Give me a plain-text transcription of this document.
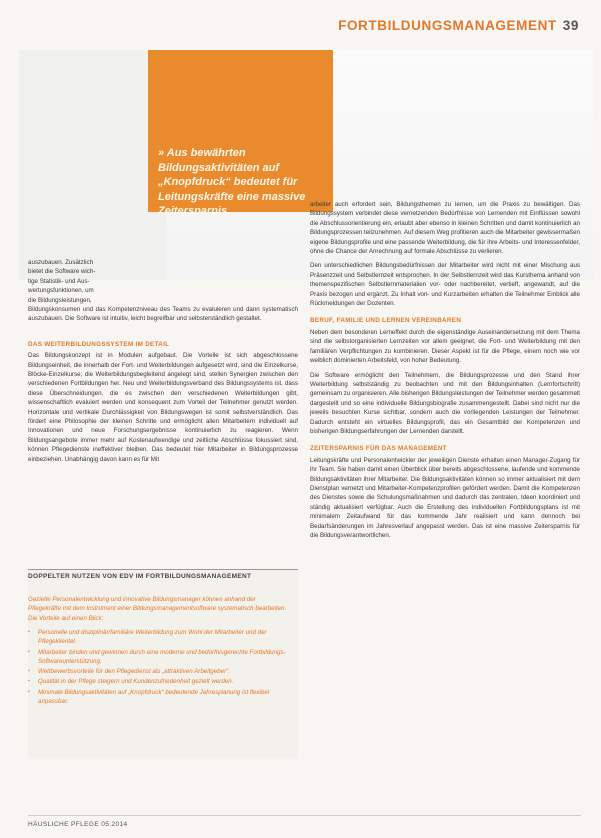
FORTBILDUNGSMANAGEMENT 39
» Aus bewährten Bildungsaktivitäten auf „Knopfdruck“ bedeutet für Leitungskräfte eine massive Zeitersparnis.

auszubauen. Zusätzlich

bietet die Software wich-

tige Statistik- und Aus-

wertungsfunktionen, um

die Bildungsleistungen,

Bildungskonsumen und das Kompetenzniveau des Teams zu evaluieren und dann systematisch auszubauen. Die Software ist intuitiv, leicht begreifbar und selbsterständlich gestaltet.

DAS WEITERBILDUNGSSYSTEM IM DETAIL

Das Bildungskonzept ist in Modulen aufgebaut. Die Vorteile ist sich abgeschlossene Bildungseinheit, die innerhalb der Fort- und Weiterbildungen aufgesetzt wird, sind die Einzelkurse, Blöcke-Einzelkurse; die Weiterbildungsbegleitend angelegt sind, stellen Synergien zwischen den verschiedenen Fortbildungen her. Neu und Weiterbildungsverband des Bildungssystems ist, dass diese Überschneidungen, die es zwischen den verschiedenen Weiterbildungen gibt, wissenschaftlich evaluiert werden und konsequent zum Vorteil der Teilnehmer genutzt werden. Horizontale und vertikale Durchlässigkeit von Bildungswegen ist somit selbstverständlich. Das fördert eine Philosophie der kleinen Schritte und ermöglicht allen Mitarbeitern individuell auf Innovationen und neue Forschungsergebnisse kontinuierlich zu reagieren. Wenn Bildungsangebote immer mehr auf Kostenaufwendige und zeitliche Abschlüsse fokussiert sind, können Pflegedienste ineffektiver bleiben. Das bedeutet hier Mitarbeiter in Bildungsprozesse einbeziehen. Unabhängig davon kann es für Mit

arbeiter auch erfordert sein, Bildungsthemen zu lernen, um die Praxis zu bewältigen. Das Bildungssystem verbindet diese vernetzenden Bedürfnisse von Lernenden mit Einflüssen sowohl die Abschlussorientierung ein, erlaubt aber ebenso in kleinen Schritten und damit kontinuierlich an Bildungsprozessen teilzunehmen. Auf diesem Weg profitieren auch die Mitarbeiter gewissermaßen eigene Bildungsprofile und eine passende Weiterbildung, die für ihre Arbeits- und Interessenfelder, ohne die Chance der Anrechnung auf formale Abschlüsse zu verlieren.

Den unterschiedlichen Bildungsbedürfnissen der Mitarbeiter wird nicht mit einer Mischung aus Präsenzzeit und Selbstlernzeit entsprochen. In der Selbstlernzeit wird das Kursthema anhand von themenspezifischen Selbstlernmaterialien vor- oder nachbereitet, vertieft, angewandt, auf die Praxis bezogen und ergänzt. Zu Inhalt von- und Kurzarbeiten erhalten die Teilnehmer Einblick alle Rückmeldungen der Dozenten.

BERUF, FAMILIE UND LERNEN VEREINBAREN

Neben dem besonderen Lerneffekt durch die eigenständige Auseinandersetzung mit dem Thema sind die selbstorganisierten Lernzeiten vor allem geeignet, die Fort- und Weiterbildung mit den familiären Verpflichtungen zu kombinieren. Dieser Aspekt ist für die Pflege, einem noch wie vor weiblich dominierten Arbeitsfeld, von hoher Bedeutung.

Die Software ermöglicht den Teilnehmern, die Bildungsprozesse und den Stand ihrer Weiterbildung selbstständig zu beobachten und mit den Bildungsinhalten (Lernfortschritt) gemeinsam zu organisieren. Alle bisherigen Bildungsleistungen der Teilnehmer werden gesammelt dargestellt und so eine individuelle Bildungsbiografie zusammengestellt. Dabei sind nicht nur die jeweils besuchten Kurse sichtbar, sondern auch die vorliegenden Leistungen der Teilnehmer. Dadurch entsteht ein virtuelles Bildungsprofil, das ein Gesamtbild der Kompetenzen und bisherigen Bildungserfahrungen der Lernenden darstellt.

ZEITERSPARNIS FÜR DAS MANAGEMENT

Leitungskräfte und Personalentwickler der jeweiligen Dienste erhalten einen Manager-Zugang für ihr Team. Sie haben damit einen Überblick über bereits abgeschlossene, laufende und kommende Bildungsaktivitäten ihrer Mitarbeiter. Die Bildungsaktivitäten können so immer aktualisiert mit dem Dienstplan vernetzt und Mitarbeiter-Kompetenzprofilen gefördert werden. Damit die Kompetenzen des Dienstes sowie die Schulungsmaßnahmen und dadurch das zentralen, Ideen koordiniert und ständig aktualisiert verfügbar. Auch die Erstellung des individuellen Fortbildungsplans ist mit minimalem Zeitaufwand für das kommende Jahr realisiert und kann dennoch bei Bedarfsänderungen im Jahresverlauf angepasst werden. Das ist eine massive Zeitersparnis für die Bildungsverantwortlichen.

DOPPELTER NUTZEN VON EDV IM FORTBILDUNGSMANAGEMENT
Gezielte Personalentwicklung und innovative Bildungsmanager können anhand der Pflegekräfte mit dem Instrument einer Bildungsmanagementsoftware systematisch bearbeiten. Die Vorteile auf einen Blick:
▪ Personelle und disziplinär/familiäre Weiterbildung zum Wohl der Mitarbeiter und der Pflegeklientel.
▪ Mitarbeiter binden und gewinnen durch eine moderne und bedürfnisgerechte Fortbildungs-Softwareunterstützung.
▪ Wettbewerbsvorteile für den Pflegedienst als „attraktiven Arbeitgeber“.
▪ Qualität in der Pflege steigern und Kundenzufriedenheit gezielt werden.
▪ Minimale Bildungsaktivitäten auf „Knopfdruck“ bedeutende Jahresplanung ist flexibel anpassbar.
HÄUSLICHE PFLEGE 05.2014
